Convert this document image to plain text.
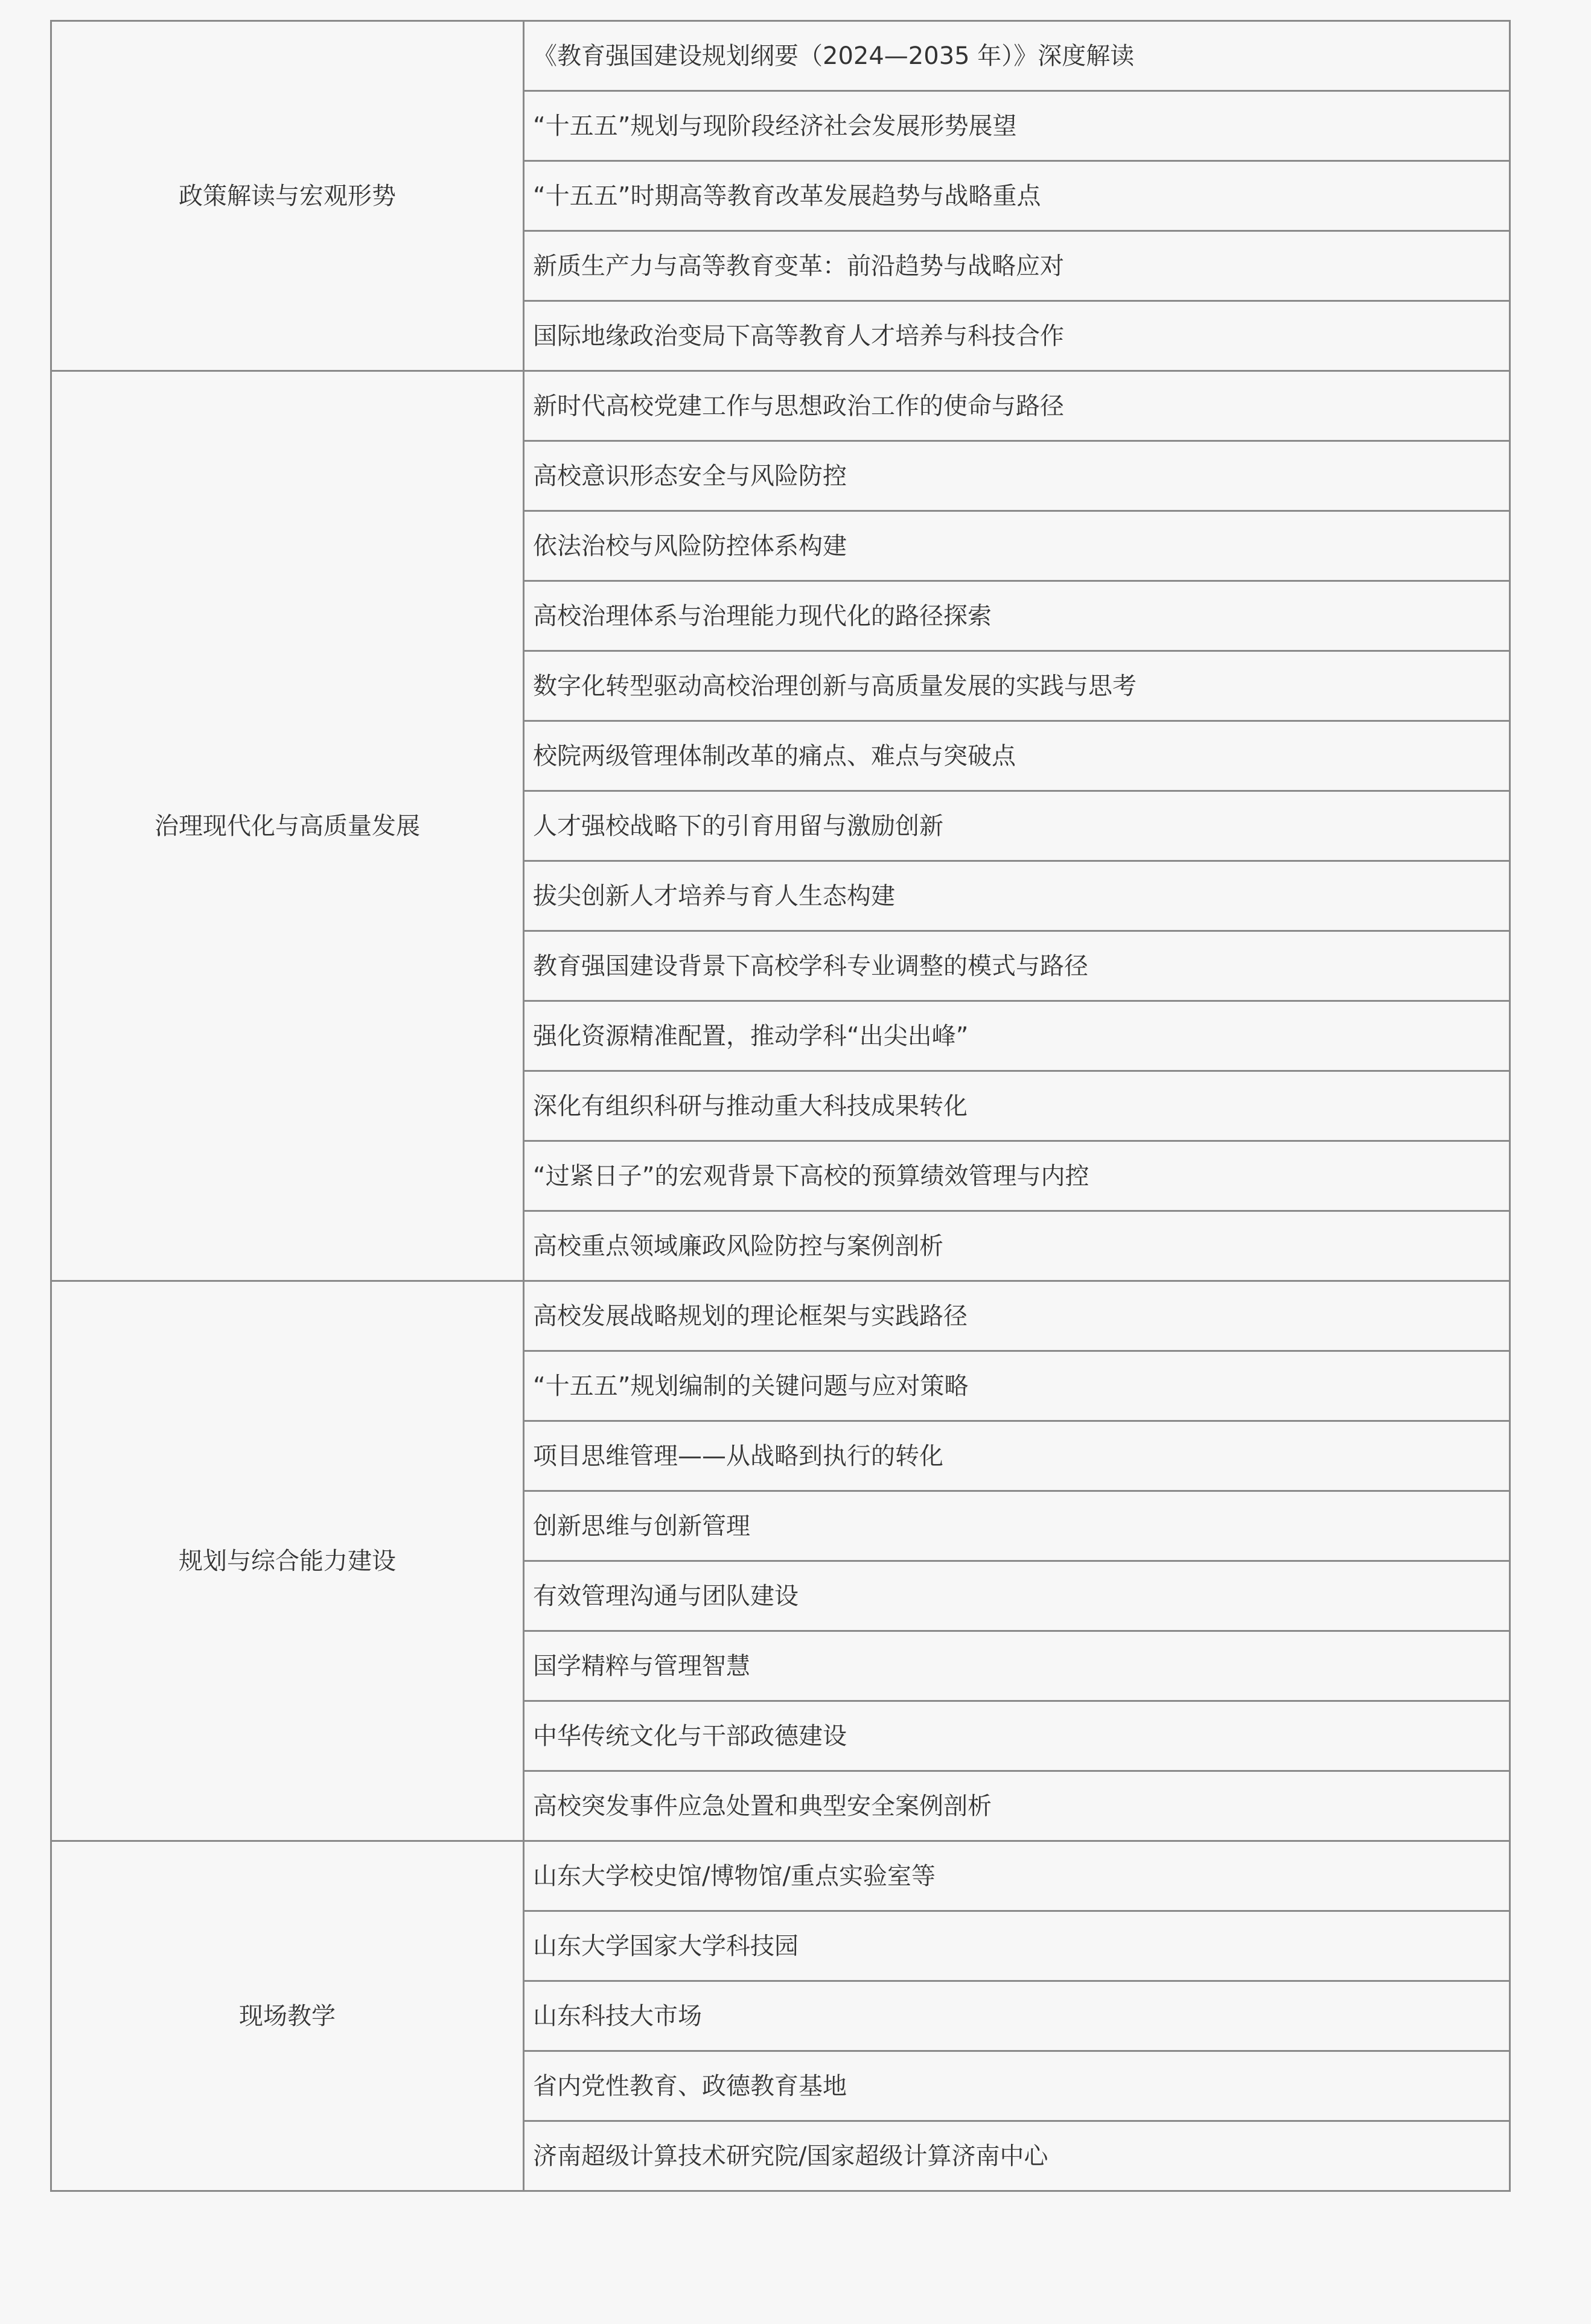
政策解读与宏观形势	《教育强国建设规划纲要（2024—2035 年）》深度解读
	“十五五”规划与现阶段经济社会发展形势展望
	“十五五”时期高等教育改革发展趋势与战略重点
	新质生产力与高等教育变革：前沿趋势与战略应对
	国际地缘政治变局下高等教育人才培养与科技合作
治理现代化与高质量发展	新时代高校党建工作与思想政治工作的使命与路径
	高校意识形态安全与风险防控
	依法治校与风险防控体系构建
	高校治理体系与治理能力现代化的路径探索
	数字化转型驱动高校治理创新与高质量发展的实践与思考
	校院两级管理体制改革的痛点、难点与突破点
	人才强校战略下的引育用留与激励创新
	拔尖创新人才培养与育人生态构建
	教育强国建设背景下高校学科专业调整的模式与路径
	强化资源精准配置，推动学科“出尖出峰”
	深化有组织科研与推动重大科技成果转化
	“过紧日子”的宏观背景下高校的预算绩效管理与内控
	高校重点领域廉政风险防控与案例剖析
规划与综合能力建设	高校发展战略规划的理论框架与实践路径
	“十五五”规划编制的关键问题与应对策略
	项目思维管理——从战略到执行的转化
	创新思维与创新管理
	有效管理沟通与团队建设
	国学精粹与管理智慧
	中华传统文化与干部政德建设
	高校突发事件应急处置和典型安全案例剖析
现场教学	山东大学校史馆/博物馆/重点实验室等
	山东大学国家大学科技园
	山东科技大市场
	省内党性教育、政德教育基地
	济南超级计算技术研究院/国家超级计算济南中心
